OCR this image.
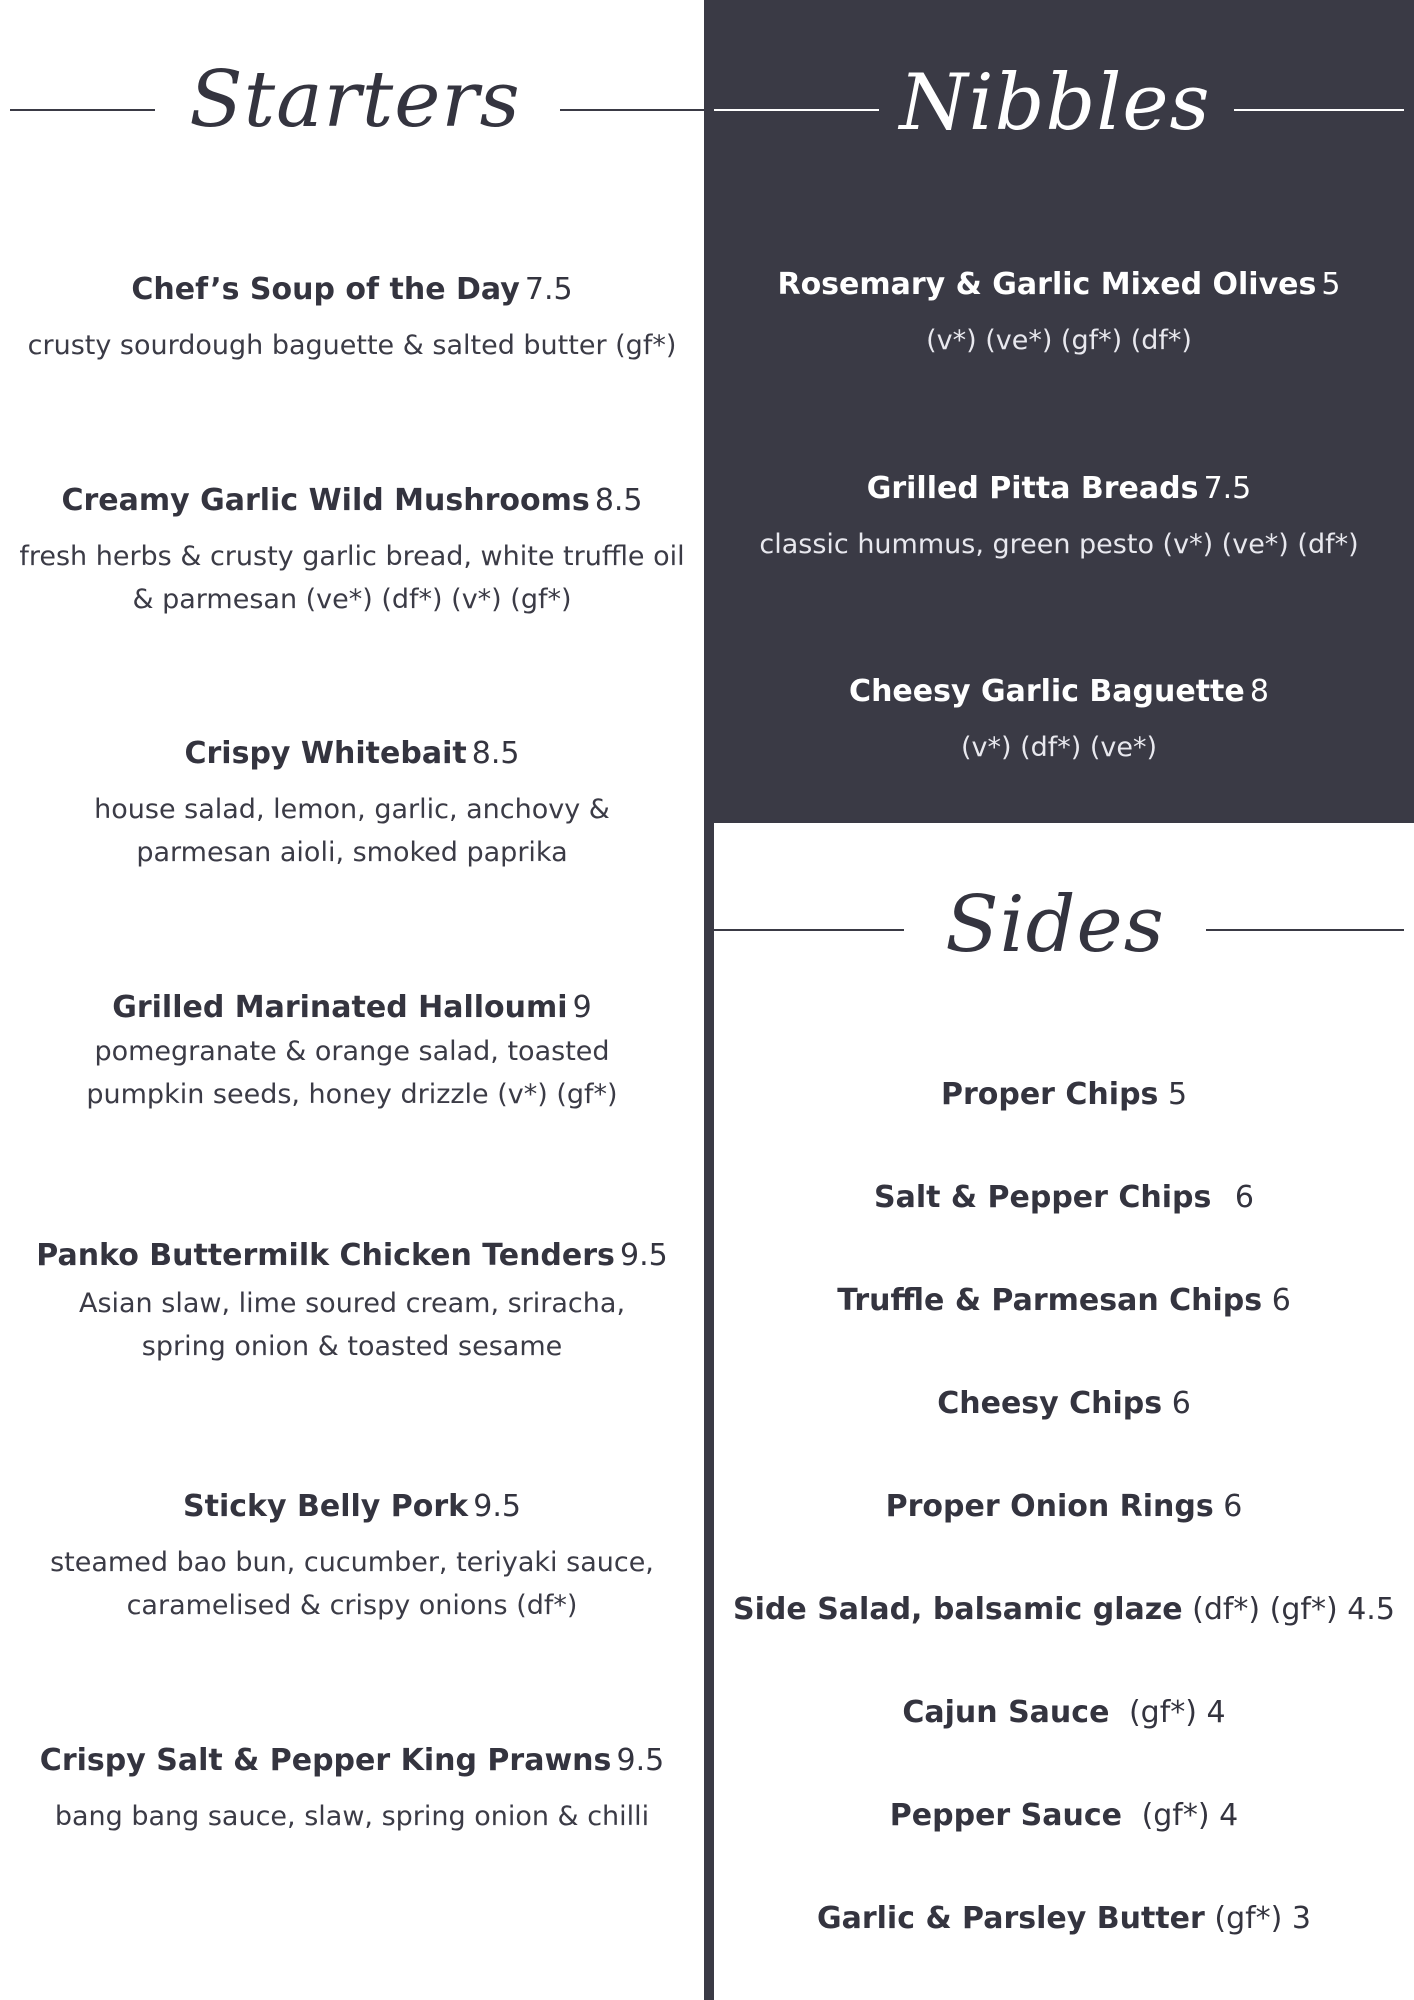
Starters	Nibbles
Sides
Chef’s Soup of the Day 7.5
crusty sourdough baguette & salted butter (gf*)
Creamy Garlic Wild Mushrooms 8.5
fresh herbs & crusty garlic bread, white truffle oil & parmesan (ve*) (df*) (v*) (gf*)
Crispy Whitebait 8.5
house salad, lemon, garlic, anchovy & parmesan aioli, smoked paprika
Grilled Marinated Halloumi 9
pomegranate & orange salad, toasted pumpkin seeds, honey drizzle (v*) (gf*)
Panko Buttermilk Chicken Tenders 9.5
Asian slaw, lime soured cream, sriracha, spring onion & toasted sesame
Sticky Belly Pork 9.5
steamed bao bun, cucumber, teriyaki sauce, caramelised & crispy onions (df*)
Crispy Salt & Pepper King Prawns 9.5
bang bang sauce, slaw, spring onion & chilli
Rosemary & Garlic Mixed Olives 5
(v*) (ve*) (gf*) (df*)
Grilled Pitta Breads 7.5
classic hummus, green pesto (v*) (ve*) (df*)
Cheesy Garlic Baguette 8
(v*) (df*) (ve*)
Proper Chips 5
Salt & Pepper Chips 6
Truffle & Parmesan Chips 6
Cheesy Chips 6
Proper Onion Rings 6
Side Salad, balsamic glaze (df*) (gf*) 4.5
Cajun Sauce (gf*) 4
Pepper Sauce (gf*) 4
Garlic & Parsley Butter (gf*) 3
